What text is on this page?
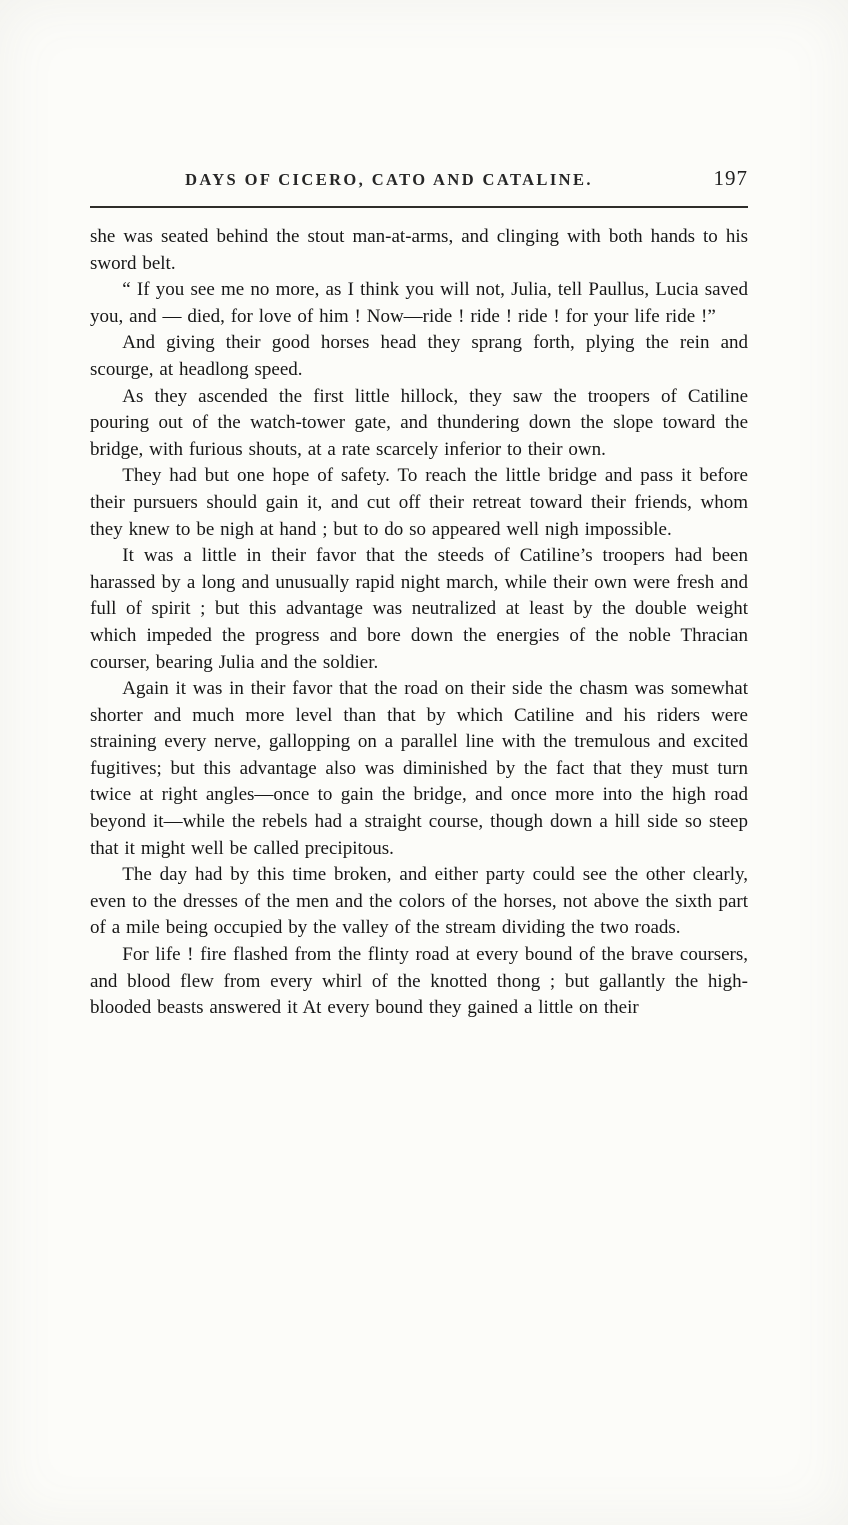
DAYS OF CICERO, CATO AND CATALINE.	197

she was seated behind the stout man-at-arms, and clinging with both hands to his sword belt.

“ If you see me no more, as I think you will not, Julia, tell Paullus, Lucia saved you, and — died, for love of him ! Now—ride ! ride ! ride ! for your life ride !”

And giving their good horses head they sprang forth, plying the rein and scourge, at headlong speed.

As they ascended the first little hillock, they saw the troopers of Catiline pouring out of the watch-tower gate, and thundering down the slope toward the bridge, with furious shouts, at a rate scarcely inferior to their own.

They had but one hope of safety. To reach the little bridge and pass it before their pursuers should gain it, and cut off their retreat toward their friends, whom they knew to be nigh at hand ; but to do so appeared well nigh impossible.

It was a little in their favor that the steeds of Catiline’s troopers had been harassed by a long and unusually rapid night march, while their own were fresh and full of spirit ; but this advantage was neutralized at least by the double weight which impeded the progress and bore down the energies of the noble Thracian courser, bearing Julia and the soldier.

Again it was in their favor that the road on their side the chasm was somewhat shorter and much more level than that by which Catiline and his riders were straining every nerve, gallopping on a parallel line with the tremulous and excited fugitives; but this advantage also was diminished by the fact that they must turn twice at right angles—once to gain the bridge, and once more into the high road beyond it—while the rebels had a straight course, though down a hill side so steep that it might well be called precipitous.

The day had by this time broken, and either party could see the other clearly, even to the dresses of the men and the colors of the horses, not above the sixth part of a mile being occupied by the valley of the stream dividing the two roads.

For life ! fire flashed from the flinty road at every bound of the brave coursers, and blood flew from every whirl of the knotted thong ; but gallantly the high-blooded beasts answered it At every bound they gained a little on their
